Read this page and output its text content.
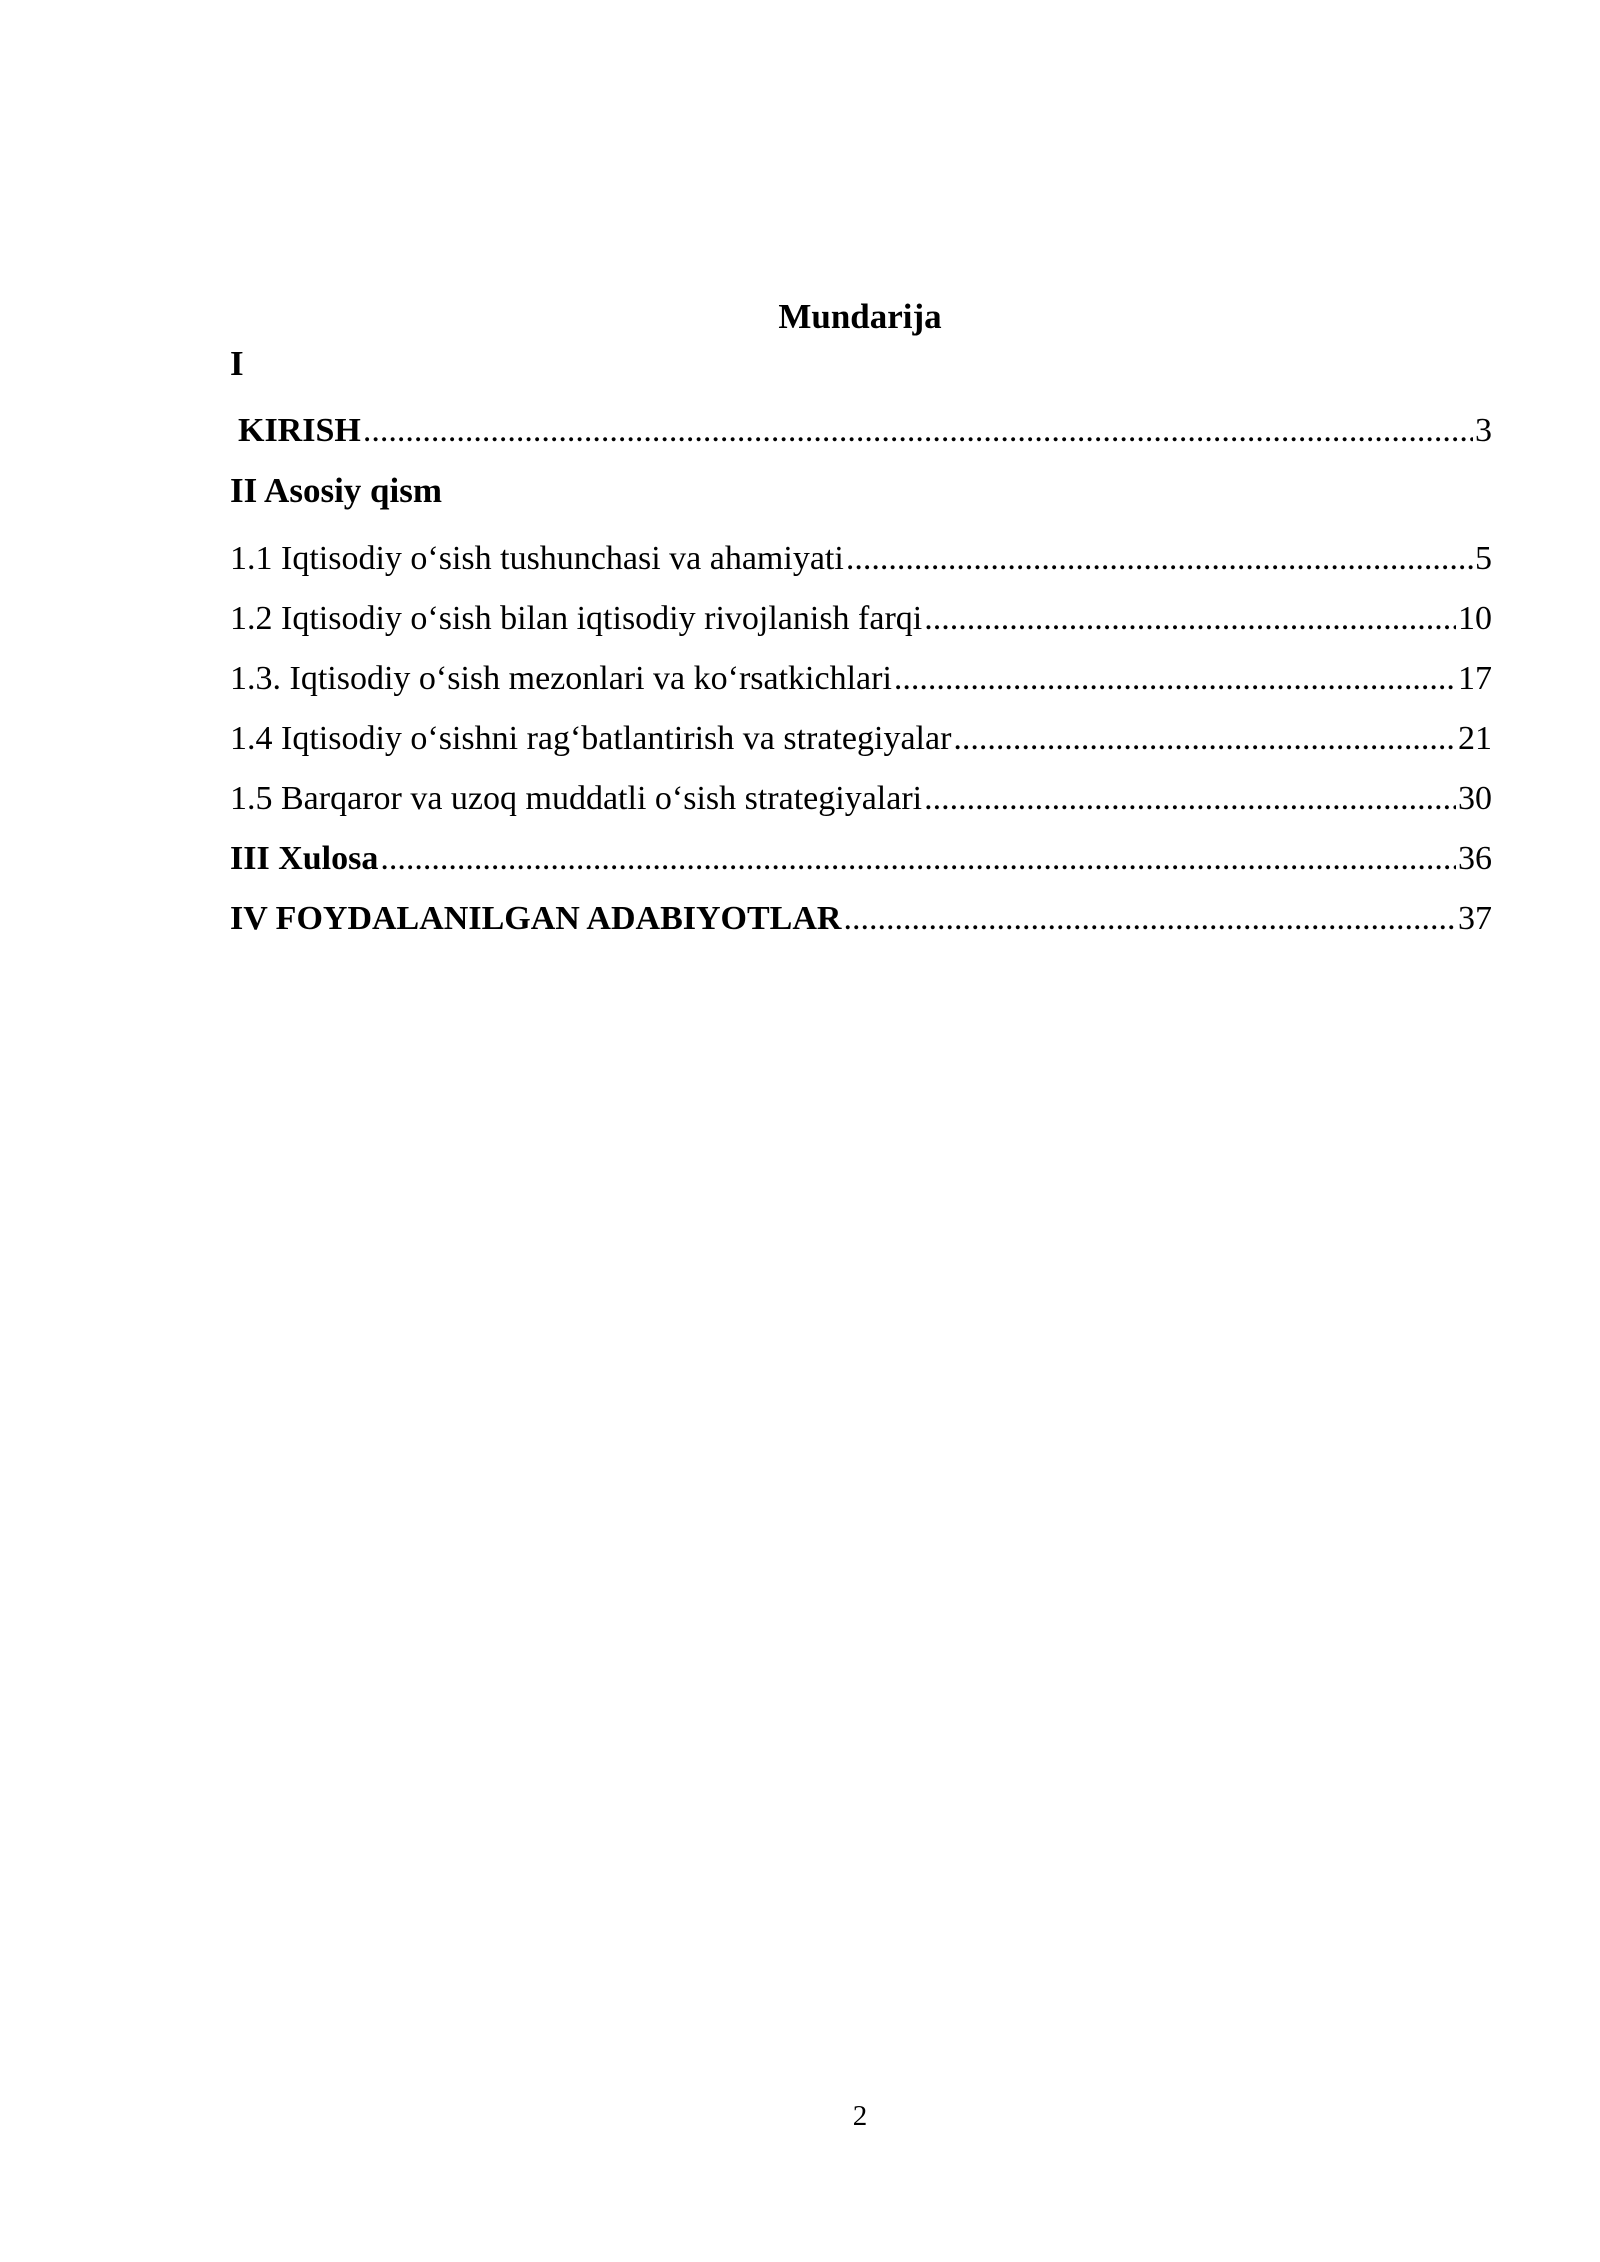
Mundarija
I
KIRISH .....	3
II Asosiy qism
1.1 Iqtisodiy o‘sish tushunchasi va ahamiyati .....	5
1.2 Iqtisodiy o‘sish bilan iqtisodiy rivojlanish farqi .....	10
1.3. Iqtisodiy o‘sish mezonlari va ko‘rsatkichlari .....	17
1.4 Iqtisodiy o‘sishni rag‘batlantirish va strategiyalar .....	21
1.5 Barqaror va uzoq muddatli o‘sish strategiyalari .....	30
III Xulosa .....	36
IV FOYDALANILGAN ADABIYOTLAR .....	37
2
